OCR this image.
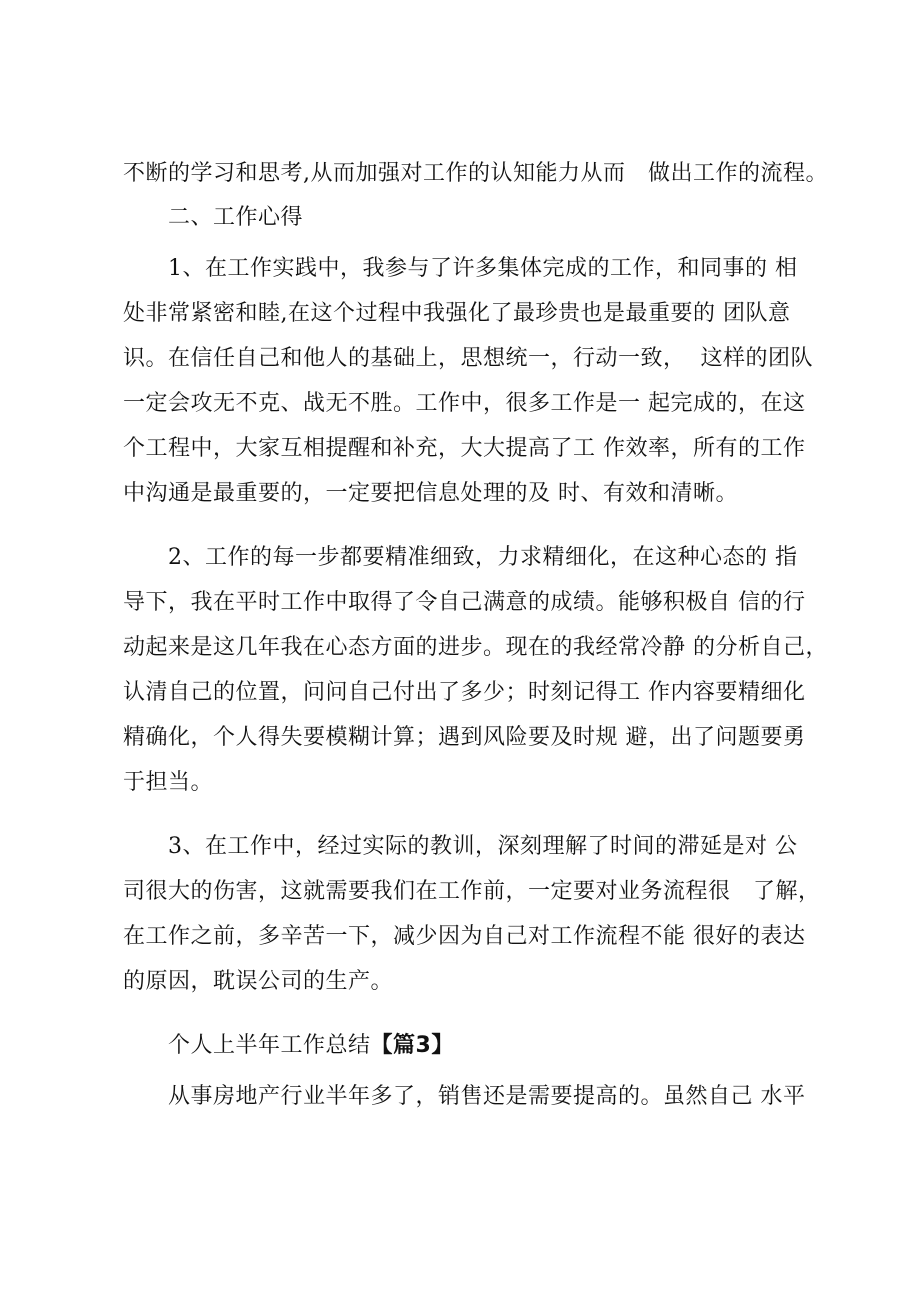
不断的学习和思考,从而加强对工作的认知能力从而   做出工作的流程。
二、工作心得
1、在工作实践中，我参与了许多集体完成的工作，和同事的 相
处非常紧密和睦,在这个过程中我强化了最珍贵也是最重要的 团队意
识。在信任自己和他人的基础上，思想统一，行动一致，  这样的团队
一定会攻无不克、战无不胜。工作中，很多工作是一 起完成的，在这
个工程中，大家互相提醒和补充，大大提高了工 作效率，所有的工作
中沟通是最重要的，一定要把信息处理的及 时、有效和清晰。
2、工作的每一步都要精准细致，力求精细化，在这种心态的 指
导下，我在平时工作中取得了令自己满意的成绩。能够积极自 信的行
动起来是这几年我在心态方面的进步。现在的我经常冷静 的分析自己，
认清自己的位置，问问自己付出了多少；时刻记得工 作内容要精细化
精确化，个人得失要模糊计算；遇到风险要及时规 避，出了问题要勇
于担当。
3、在工作中，经过实际的教训，深刻理解了时间的滞延是对 公
司很大的伤害，这就需要我们在工作前，一定要对业务流程很   了解，
在工作之前，多辛苦一下，减少因为自己对工作流程不能 很好的表达
的原因，耽误公司的生产。
个人上半年工作总结【篇3】
从事房地产行业半年多了，销售还是需要提高的。虽然自己 水平
